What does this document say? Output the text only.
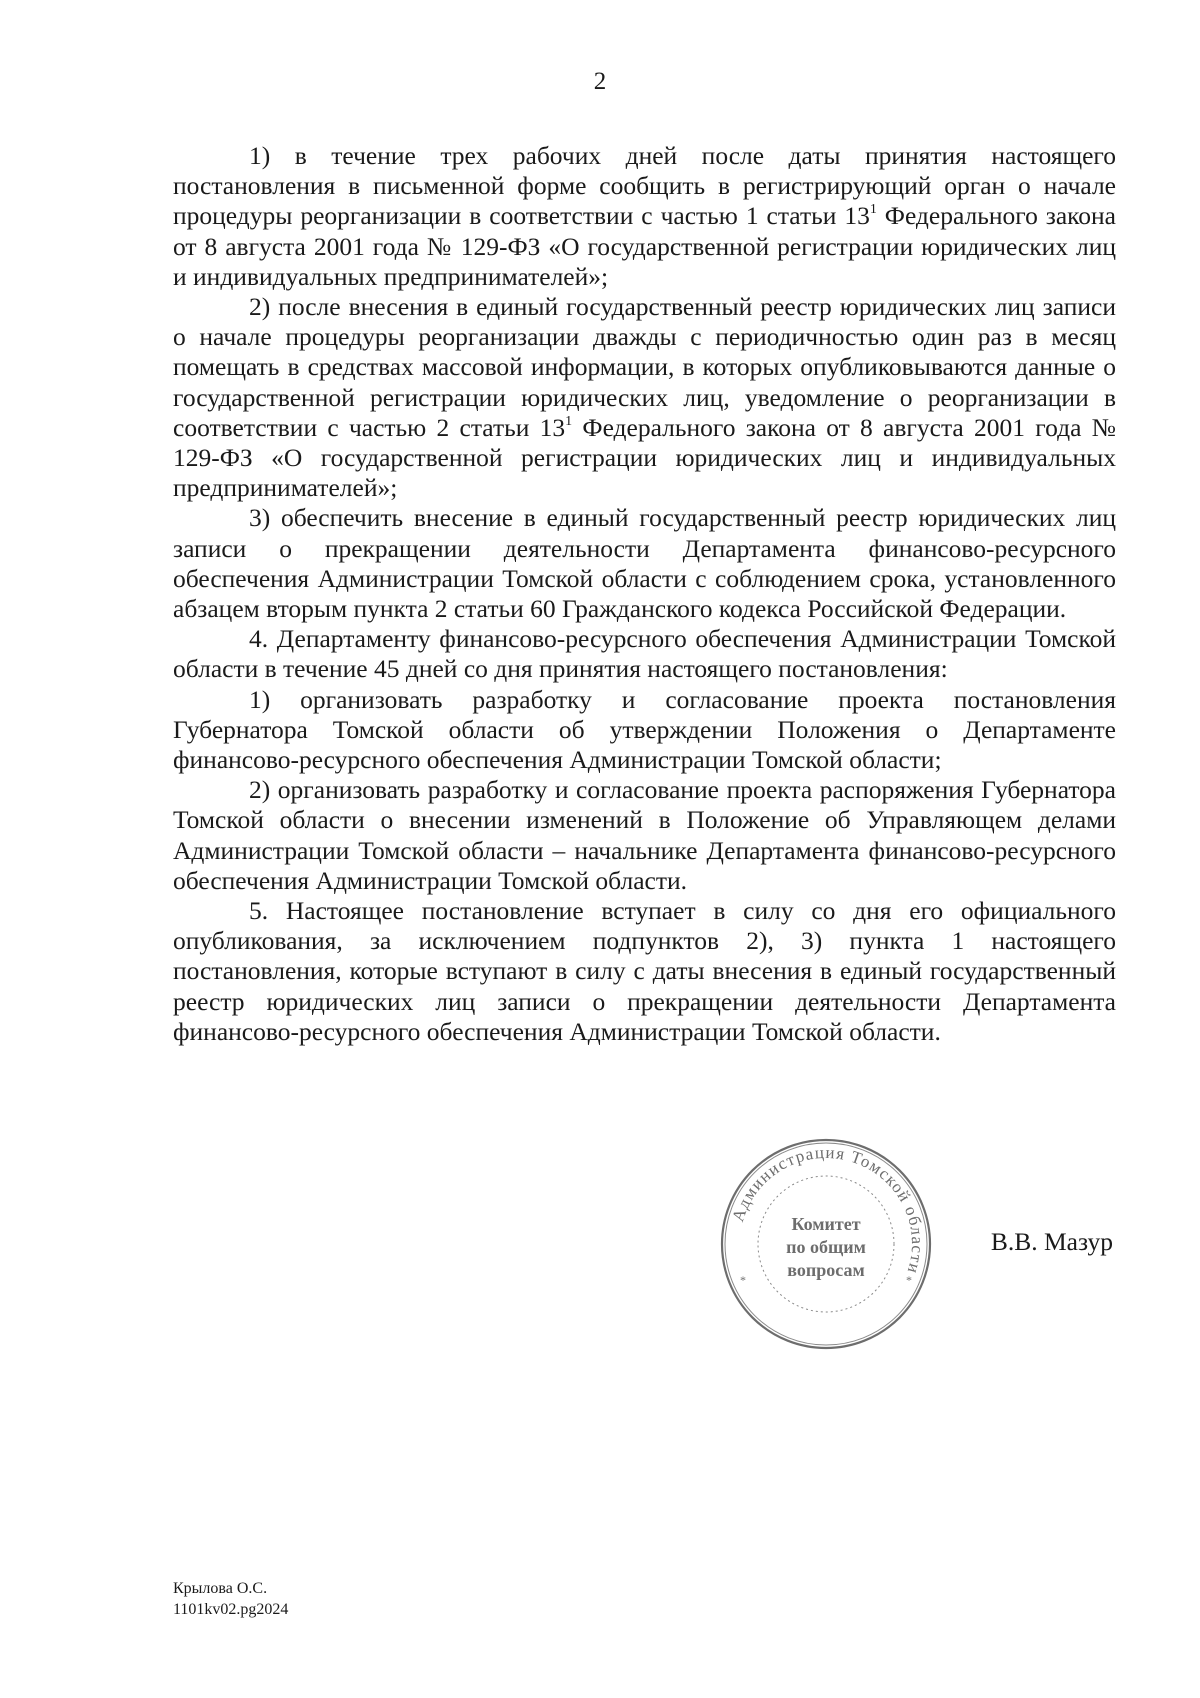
2

1) в течение трех рабочих дней после даты принятия настоящего постановления в письменной форме сообщить в регистрирующий орган о начале процедуры реорганизации в соответствии с частью 1 статьи $13^1$ Федерального закона от 8 августа 2001 года № 129-ФЗ «О государственной регистрации юридических лиц и индивидуальных предпринимателей»;

2) после внесения в единый государственный реестр юридических лиц записи о начале процедуры реорганизации дважды с периодичностью один раз в месяц помещать в средствах массовой информации, в которых опубликовываются данные о государственной регистрации юридических лиц, уведомление о реорганизации в соответствии с частью 2 статьи $13^1$ Федерального закона от 8 августа 2001 года № 129-ФЗ «О государственной регистрации юридических лиц и индивидуальных предпринимателей»;

3) обеспечить внесение в единый государственный реестр юридических лиц записи о прекращении деятельности Департамента финансово-ресурсного обеспечения Администрации Томской области с соблюдением срока, установленного абзацем вторым пункта 2 статьи 60 Гражданского кодекса Российской Федерации.

4. Департаменту финансово-ресурсного обеспечения Администрации Томской области в течение 45 дней со дня принятия настоящего постановления:

1) организовать разработку и согласование проекта постановления Губернатора Томской области об утверждении Положения о Департаменте финансово-ресурсного обеспечения Администрации Томской области;

2) организовать разработку и согласование проекта распоряжения Губернатора Томской области о внесении изменений в Положение об Управляющем делами Администрации Томской области – начальнике Департамента финансово-ресурсного обеспечения Администрации Томской области.

5. Настоящее постановление вступает в силу со дня его официального опубликования, за исключением подпунктов 2), 3) пункта 1 настоящего постановления, которые вступают в силу с даты внесения в единый государственный реестр юридических лиц записи о прекращении деятельности Департамента финансово-ресурсного обеспечения Администрации Томской области.

Администрация Томской области
*	*
Комитет
по общим
вопросам
В.В. Мазур
Крылова О.С.
1101kv02.pg2024
